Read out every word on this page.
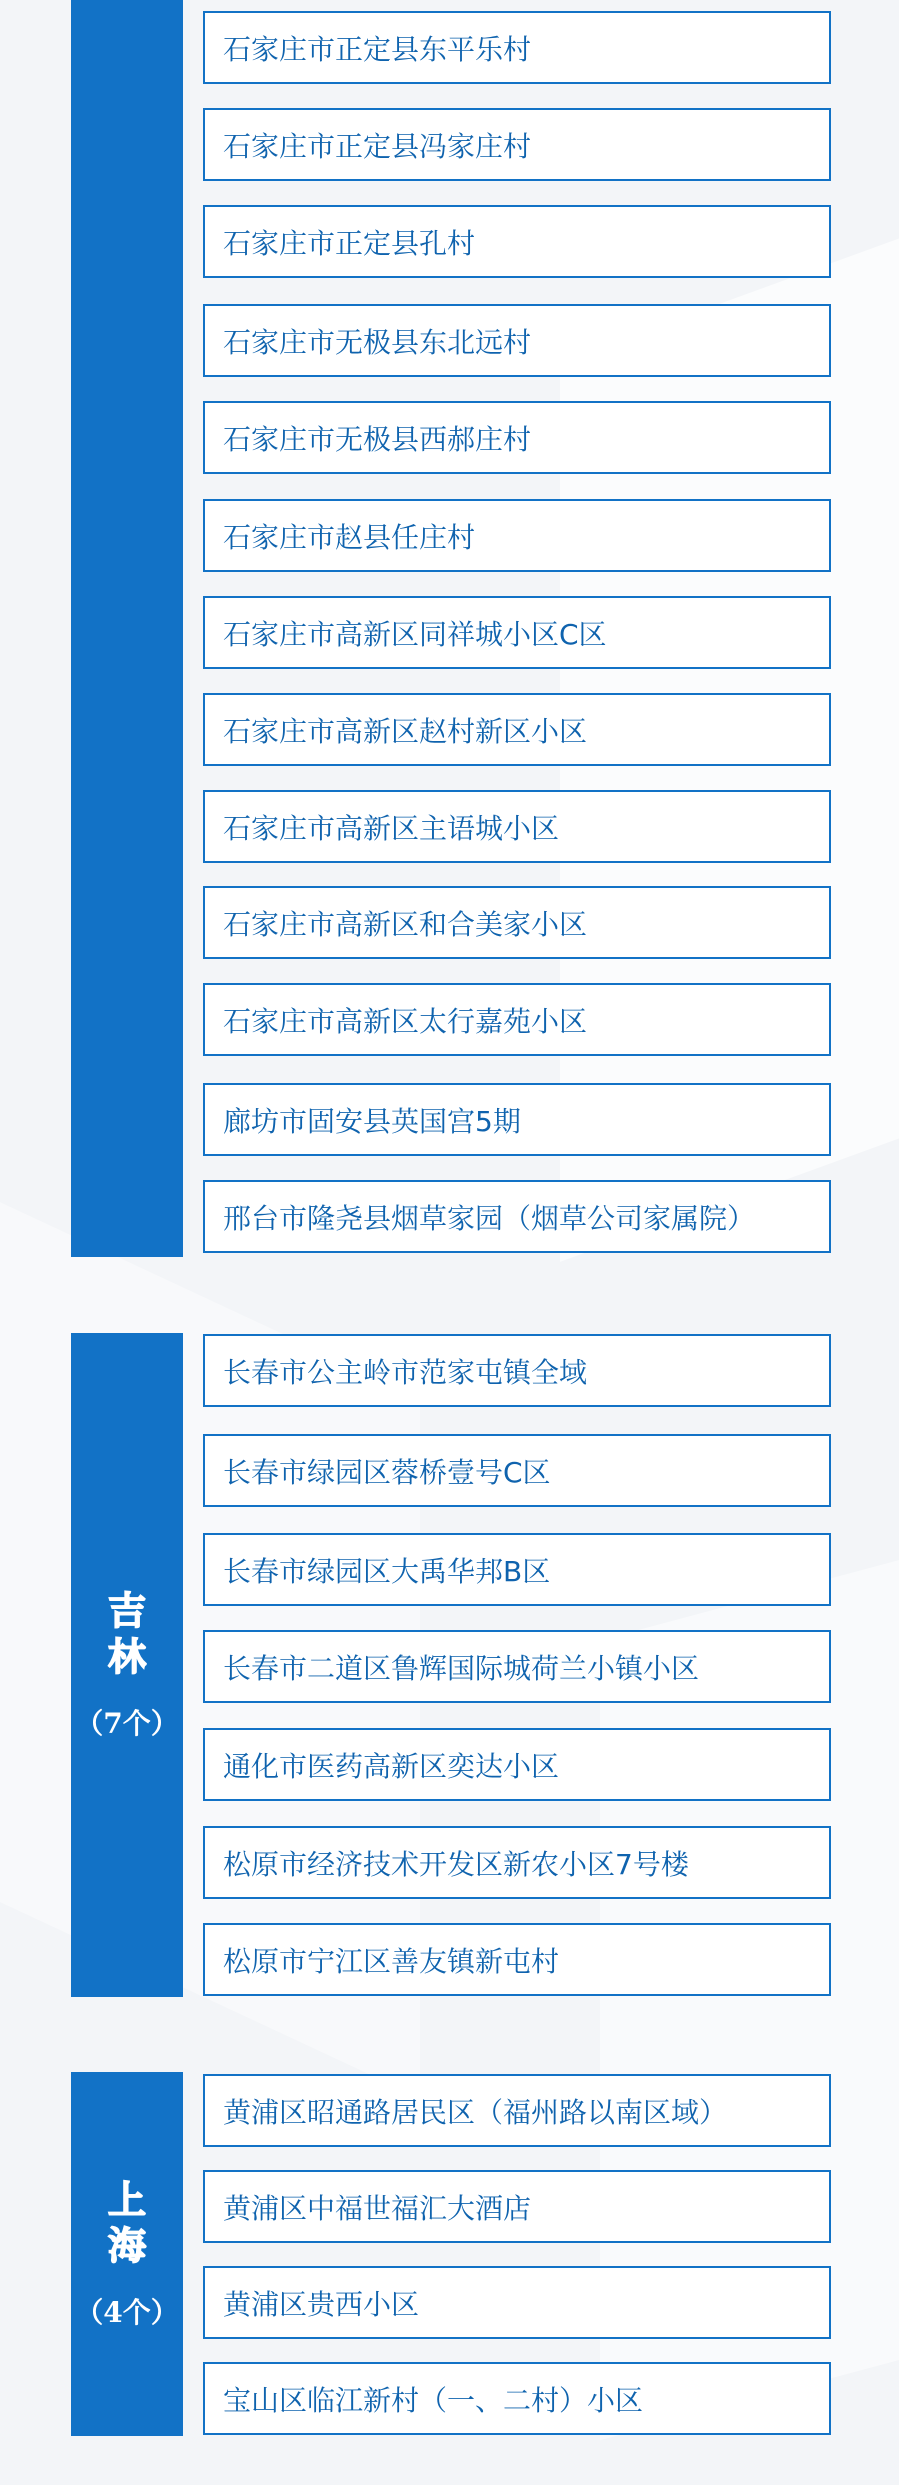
石家庄市正定县东平乐村
石家庄市正定县冯家庄村
石家庄市正定县孔村
石家庄市无极县东北远村
石家庄市无极县西郝庄村
石家庄市赵县任庄村
石家庄市高新区同祥城小区C区
石家庄市高新区赵村新区小区
石家庄市高新区主语城小区
石家庄市高新区和合美家小区
石家庄市高新区太行嘉苑小区
廊坊市固安县英国宫5期
邢台市隆尧县烟草家园（烟草公司家属院）
吉林
（7个）
长春市公主岭市范家屯镇全域
长春市绿园区蓉桥壹号C区
长春市绿园区大禹华邦B区
长春市二道区鲁辉国际城荷兰小镇小区
通化市医药高新区奕达小区
松原市经济技术开发区新农小区7号楼
松原市宁江区善友镇新屯村
上海
（4个）
黄浦区昭通路居民区（福州路以南区域）
黄浦区中福世福汇大酒店
黄浦区贵西小区
宝山区临江新村（一、二村）小区
